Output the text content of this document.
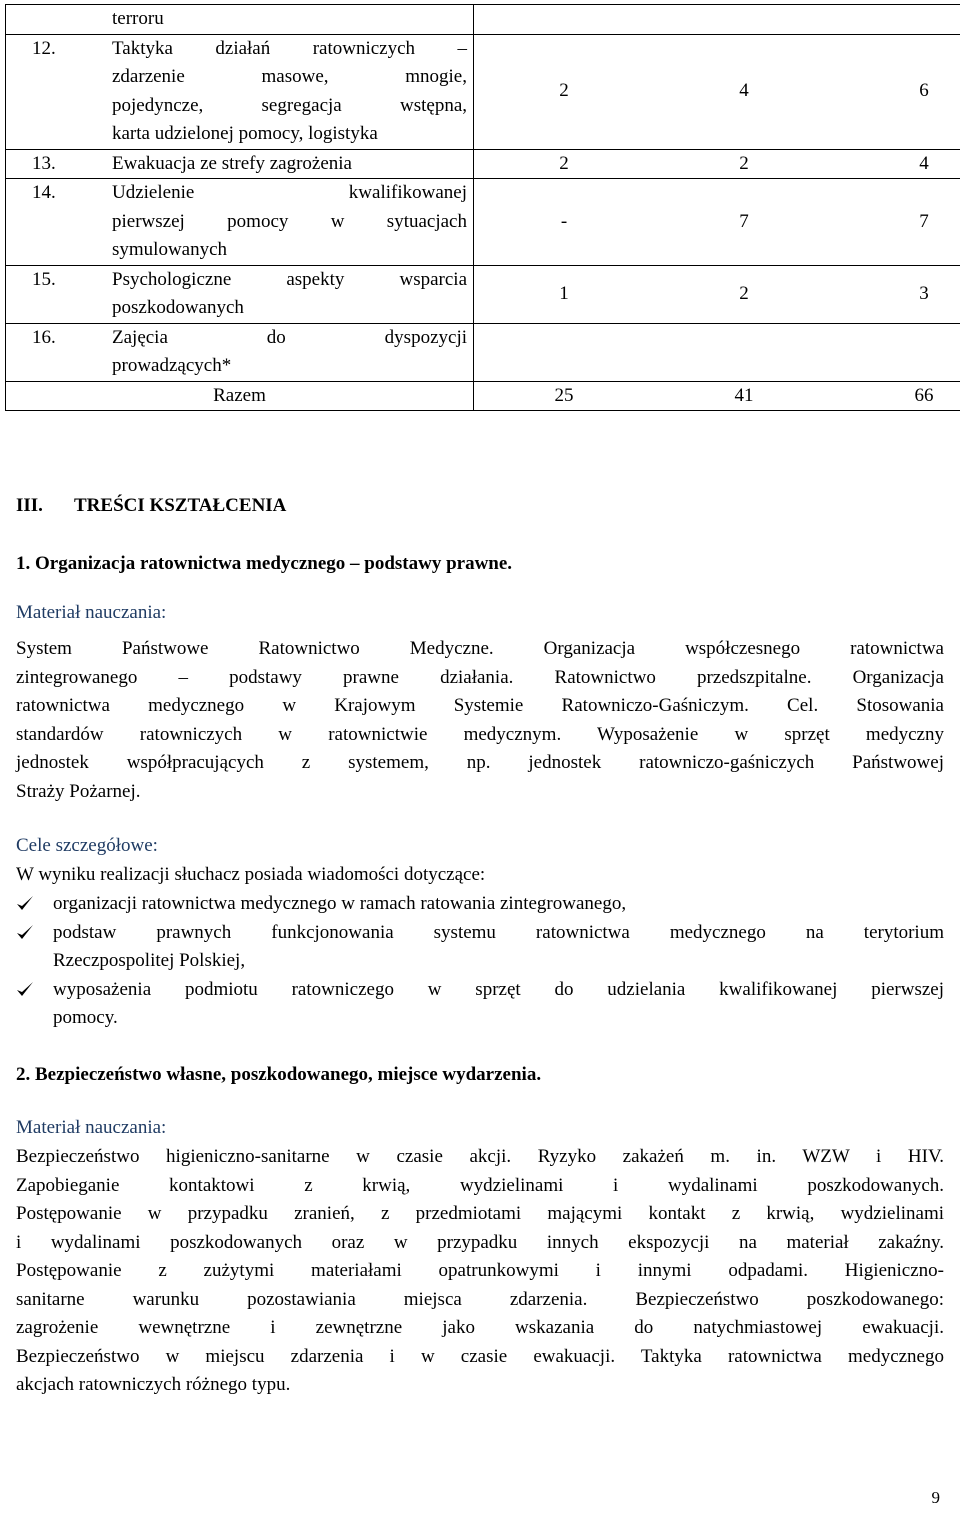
	terroru			

12.	Taktyka działań ratowniczych –
zdarzenie masowe, mnogie,
pojedyncze, segregacja wstępna,
karta udzielonej pomocy, logistyka	2	4	6
13.	Ewakuacja ze strefy zagrożenia	2	2	4
14.	Udzielenie kwalifikowanej
pierwszej pomocy w sytuacjach
symulowanych	-	7	7
15.	Psychologiczne aspekty wsparcia
poszkodowanych	1	2	3
16.	Zajęcia do dyspozycji
prowadzących*			

Razem		25	41	66
III. TREŚCI KSZTAŁCENIA
1. Organizacja ratownictwa medycznego – podstawy prawne.
Materiał nauczania:
System Państwowe Ratownictwo Medyczne. Organizacja współczesnego ratownictwa
zintegrowanego – podstawy prawne działania. Ratownictwo przedszpitalne. Organizacja
ratownictwa medycznego w Krajowym Systemie Ratowniczo-Gaśniczym. Cel. Stosowania
standardów ratowniczych w ratownictwie medycznym. Wyposażenie w sprzęt medyczny
jednostek współpracujących z systemem, np. jednostek ratowniczo-gaśniczych Państwowej
Straży Pożarnej.
Cele szczegółowe:
W wyniku realizacji słuchacz posiada wiadomości dotyczące:
organizacji ratownictwa medycznego w ramach ratowania zintegrowanego,
podstaw prawnych funkcjonowania systemu ratownictwa medycznego na terytorium
Rzeczpospolitej Polskiej,
wyposażenia podmiotu ratowniczego w sprzęt do udzielania kwalifikowanej pierwszej
pomocy.
2. Bezpieczeństwo własne, poszkodowanego, miejsce wydarzenia.
Materiał nauczania:
Bezpieczeństwo higieniczno-sanitarne w czasie akcji. Ryzyko zakażeń m. in. WZW i HIV.
Zapobieganie kontaktowi z krwią, wydzielinami i wydalinami poszkodowanych.
Postępowanie w przypadku zranień, z przedmiotami mającymi kontakt z krwią, wydzielinami
i wydalinami poszkodowanych oraz w przypadku innych ekspozycji na materiał zakaźny.
Postępowanie z zużytymi materiałami opatrunkowymi i innymi odpadami. Higieniczno-
sanitarne warunku pozostawiania miejsca zdarzenia. Bezpieczeństwo poszkodowanego:
zagrożenie wewnętrzne i zewnętrzne jako wskazania do natychmiastowej ewakuacji.
Bezpieczeństwo w miejscu zdarzenia i w czasie ewakuacji. Taktyka ratownictwa medycznego
akcjach ratowniczych różnego typu.
9
